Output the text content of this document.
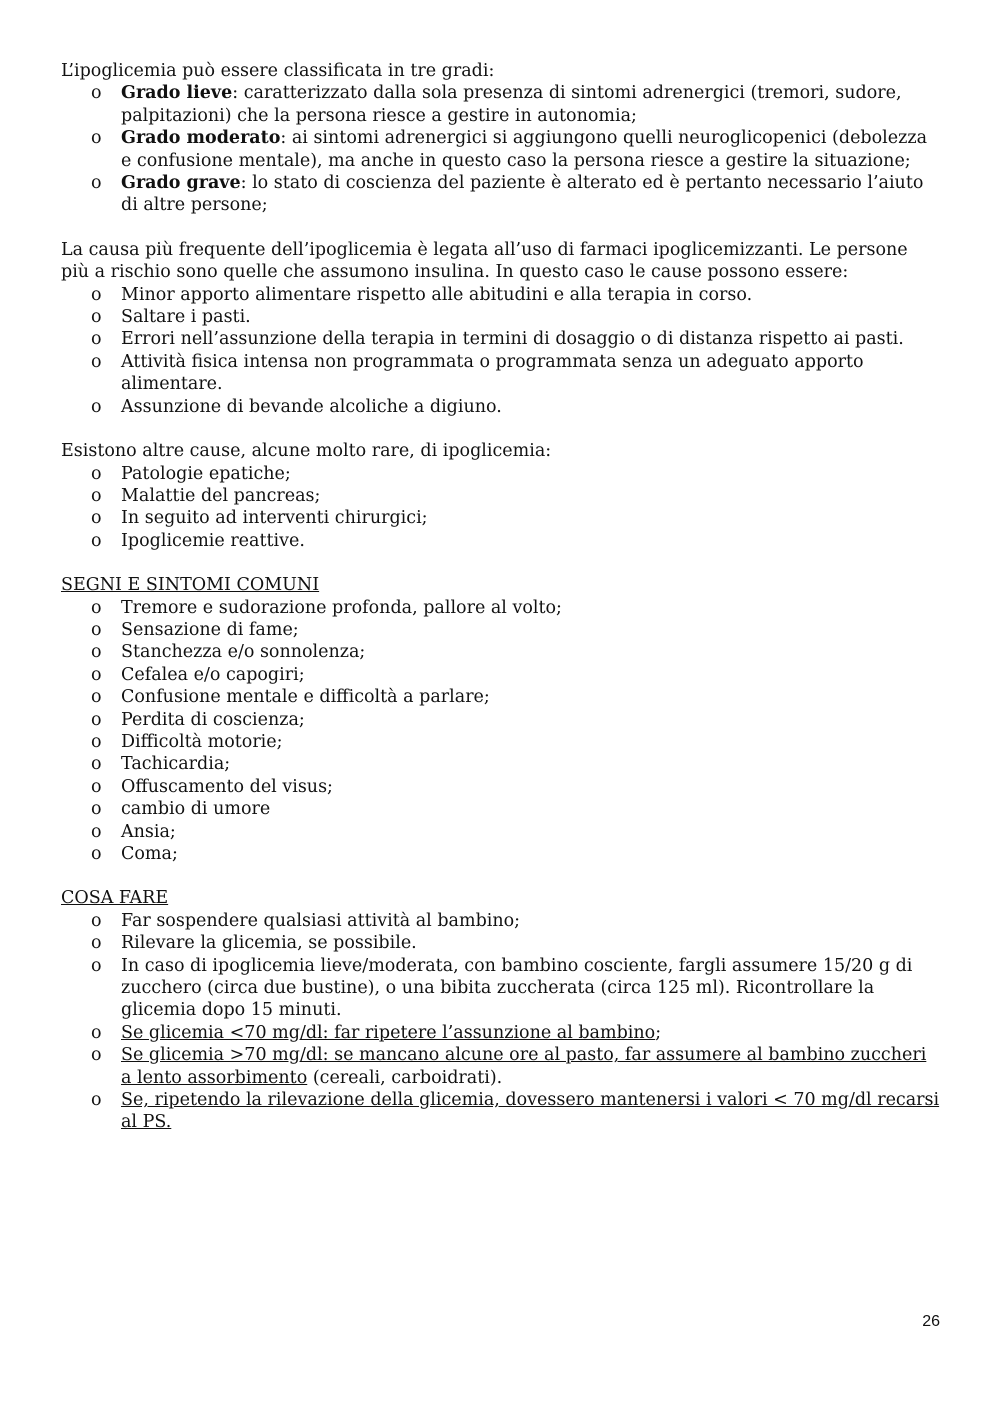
L’ipoglicemia può essere classificata in tre gradi:

o Grado lieve: caratterizzato dalla sola presenza di sintomi adrenergici (tremori, sudore, palpitazioni) che la persona riesce a gestire in autonomia;
o Grado moderato: ai sintomi adrenergici si aggiungono quelli neuroglicopenici (debolezza e confusione mentale), ma anche in questo caso la persona riesce a gestire la situazione;
o Grado grave: lo stato di coscienza del paziente è alterato ed è pertanto necessario l’aiuto di altre persone;

La causa più frequente dell’ipoglicemia è legata all’uso di farmaci ipoglicemizzanti. Le persone più a rischio sono quelle che assumono insulina. In questo caso le cause possono essere:

o Minor apporto alimentare rispetto alle abitudini e alla terapia in corso.
o Saltare i pasti.
o Errori nell’assunzione della terapia in termini di dosaggio o di distanza rispetto ai pasti.
o Attività fisica intensa non programmata o programmata senza un adeguato apporto alimentare.
o Assunzione di bevande alcoliche a digiuno.

Esistono altre cause, alcune molto rare, di ipoglicemia:

o Patologie epatiche;
o Malattie del pancreas;
o In seguito ad interventi chirurgici;
o Ipoglicemie reattive.

SEGNI E SINTOMI COMUNI

o Tremore e sudorazione profonda, pallore al volto;
o Sensazione di fame;
o Stanchezza e/o sonnolenza;
o Cefalea e/o capogiri;
o Confusione mentale e difficoltà a parlare;
o Perdita di coscienza;
o Difficoltà motorie;
o Tachicardia;
o Offuscamento del visus;
o cambio di umore
o Ansia;
o Coma;

COSA FARE

o Far sospendere qualsiasi attività al bambino;
o Rilevare la glicemia, se possibile.
o In caso di ipoglicemia lieve/moderata, con bambino cosciente, fargli assumere 15/20 g di zucchero (circa due bustine), o una bibita zuccherata (circa 125 ml). Ricontrollare la glicemia dopo 15 minuti.
o Se glicemia <70 mg/dl: far ripetere l’assunzione al bambino;
o Se glicemia >70 mg/dl: se mancano alcune ore al pasto, far assumere al bambino zuccheri a lento assorbimento (cereali, carboidrati).
o Se, ripetendo la rilevazione della glicemia, dovessero mantenersi i valori < 70 mg/dl recarsi al PS.
26
